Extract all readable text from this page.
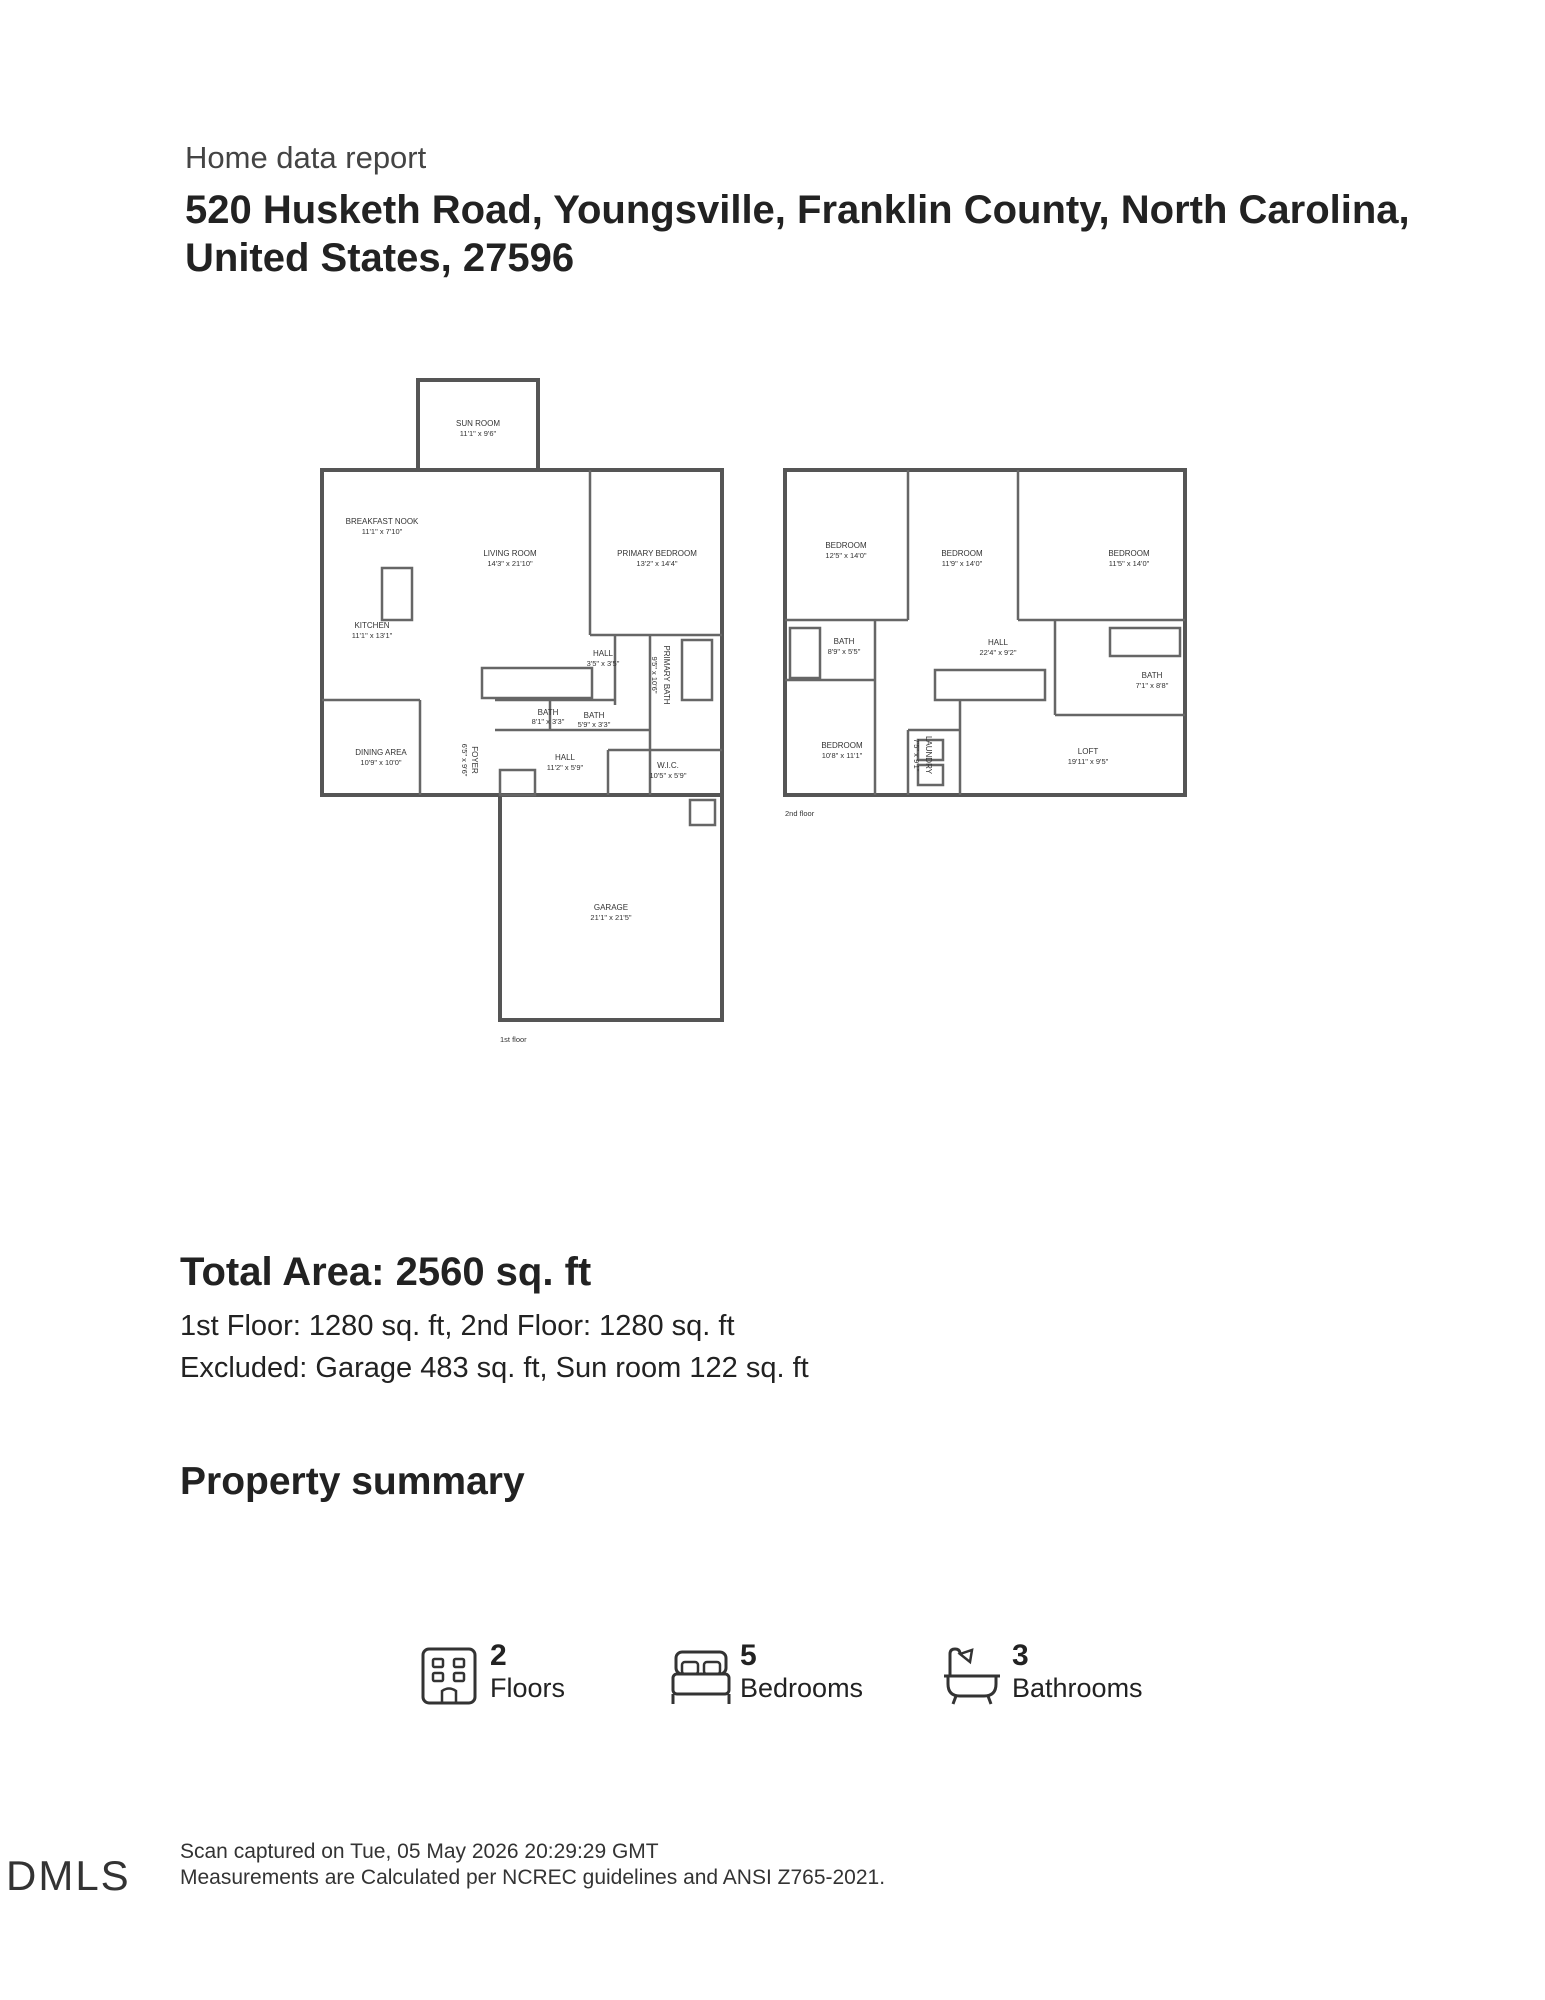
Home data report
520 Husketh Road, Youngsville, Franklin County, North Carolina,
United States, 27596
SUN ROOM
11'1" x 9'6"
BREAKFAST NOOK
11'1" x 7'10"
LIVING ROOM
14'3" x 21'10"
PRIMARY BEDROOM
13'2" x 14'4"
KITCHEN
11'1" x 13'1"
HALL
3'5" x 3'5"	PRIMARY BATH
9'5" x 10'6"
BATH
8'1" x 3'3"
BATH
5'9" x 3'3"
DINING AREA
10'9" x 10'0"	FOYER
6'5" x 9'6"	HALL
11'2" x 5'9"	W.I.C.
10'5" x 5'9"
GARAGE
21'1" x 21'5"
BEDROOM
12'5" x 14'0"	BEDROOM
11'9" x 14'0"
BEDROOM
11'5" x 14'0"
BATH
8'9" x 5'5"
HALL
22'4" x 9'2"
BATH
7'1" x 8'8"
BEDROOM
10'8" x 11'1"	LAUNDRY
7'5" x 9'1"	LOFT
19'11" x 9'5"
1st floor
2nd floor
Total Area: 2560 sq. ft
1st Floor: 1280 sq. ft, 2nd Floor: 1280 sq. ft
Excluded: Garage 483 sq. ft, Sun room 122 sq. ft
Property summary
2
Floors
5
Bedrooms
3
Bathrooms
Scan captured on Tue, 05 May 2026 20:29:29 GMT
Measurements are Calculated per NCREC guidelines and ANSI Z765-2021.
DMLS
